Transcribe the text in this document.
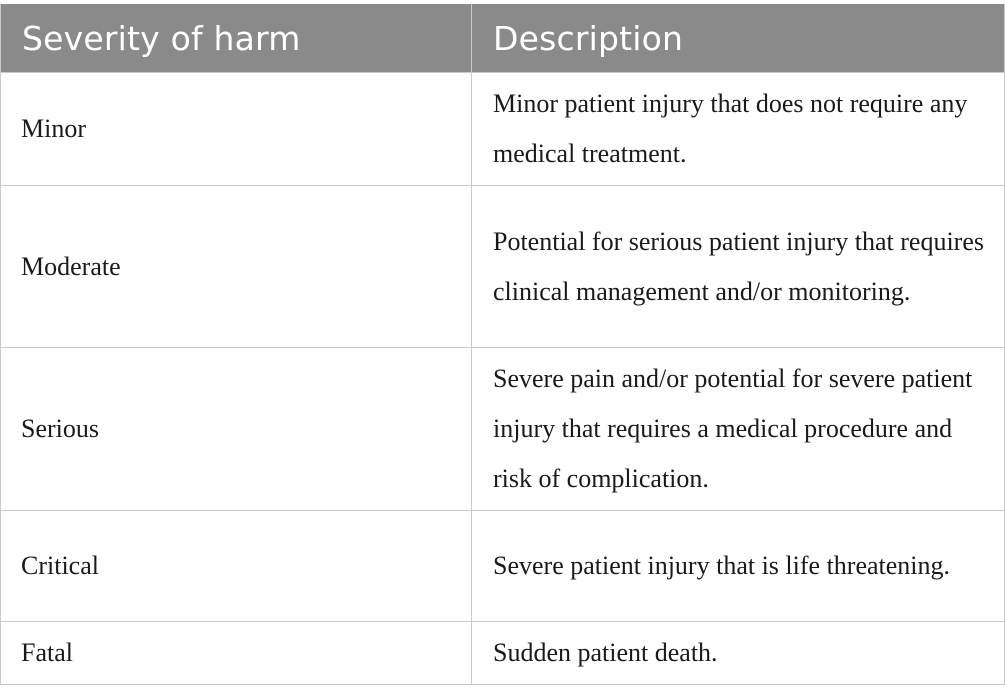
Severity of harm	Description
Minor	Minor patient injury that does not require any medical treatment.
Moderate	Potential for serious patient injury that requires clinical management and/or monitoring.
Serious	Severe pain and/or potential for severe patient injury that requires a medical procedure and risk of complication.
Critical	Severe patient injury that is life threatening.
Fatal	Sudden patient death.
